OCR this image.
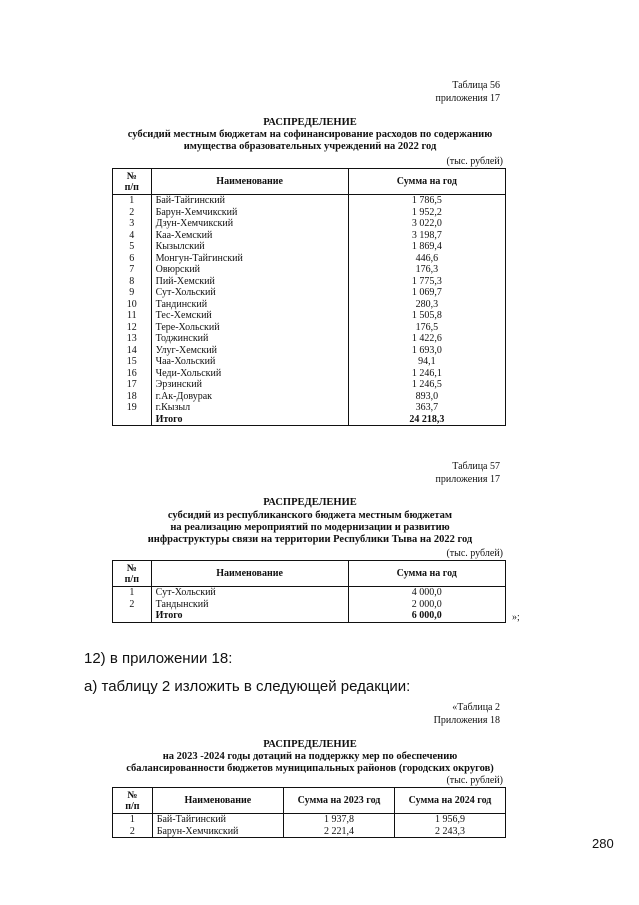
Таблица 56
приложения 17
РАСПРЕДЕЛЕНИЕ
субсидий местным бюджетам на софинансирование расходов по содержанию
имущества образовательных учреждений на 2022 год
(тыс. рублей)
№
п/п	Наименование	Сумма на год
1	Бай-Тайгинский	1 786,5
2	Барун-Хемчикский	1 952,2
3	Дзун-Хемчикский	3 022,0
4	Каа-Хемский	3 198,7
5	Кызылский	1 869,4
6	Монгун-Тайгинский	446,6
7	Овюрский	176,3
8	Пий-Хемский	1 775,3
9	Сут-Хольский	1 069,7
10	Тандинский	280,3
11	Тес-Хемский	1 505,8
12	Тере-Хольский	176,5
13	Тоджинский	1 422,6
14	Улуг-Хемский	1 693,0
15	Чаа-Хольский	94,1
16	Чеди-Хольский	1 246,1
17	Эрзинский	1 246,5
18	г.Ак-Довурак	893,0
19	г.Кызыл	363,7
	Итого	24 218,3
Таблица 57
приложения 17
РАСПРЕДЕЛЕНИЕ
субсидий из республиканского бюджета местным бюджетам
на реализацию мероприятий по модернизации и развитию
инфраструктуры связи на территории Республики Тыва на 2022 год
(тыс. рублей)
№
п/п	Наименование	Сумма на год
1	Сут-Хольский	4 000,0
2	Тандынский	2 000,0
	Итого	6 000,0	»;
12) в приложении 18:
а) таблицу 2 изложить в следующей редакции:
«Таблица 2
Приложения 18
РАСПРЕДЕЛЕНИЕ
на 2023 -2024 годы дотаций на поддержку мер по обеспечению
сбалансированности бюджетов муниципальных районов (городских округов)
(тыс. рублей)
№
п/п	Наименование	Сумма на 2023 год	Сумма на 2024 год
1	Бай-Тайгинский	1 937,8	1 956,9
2	Барун-Хемчикский	2 221,4	2 243,3
280
